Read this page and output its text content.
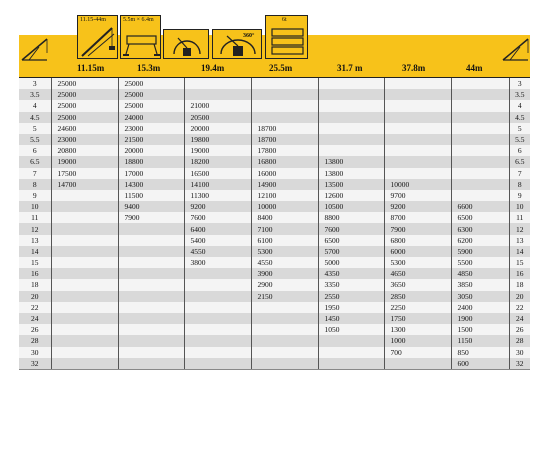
11.15-44m	5.5m × 6.4m
360°
6t
11.15m	15.3m	19.4m	25.5m	31.7 m	37.8m	44m
3	25000	25000						3
3.5	25000	25000						3.5
4	25000	25000	21000					4
4.5	25000	24000	20500					4.5
5	24600	23000	20000	18700				5
5.5	23000	21500	19800	18700				5.5
6	20800	20000	19000	17800				6
6.5	19000	18800	18200	16800	13800			6.5
7	17500	17000	16500	16000	13800			7
8	14700	14300	14100	14900	13500	10000		8
9		11500	11300	12100	12600	9700		9
10		9400	9200	10000	10500	9200	6600	10
11		7900	7600	8400	8800	8700	6500	11
12			6400	7100	7600	7900	6300	12
13			5400	6100	6500	6800	6200	13
14			4550	5300	5700	6000	5900	14
15			3800	4550	5000	5300	5500	15
16				3900	4350	4650	4850	16
18				2900	3350	3650	3850	18
20				2150	2550	2850	3050	20
22					1950	2250	2400	22
24					1450	1750	1900	24
26					1050	1300	1500	26
28						1000	1150	28
30						700	850	30
32							600	32
